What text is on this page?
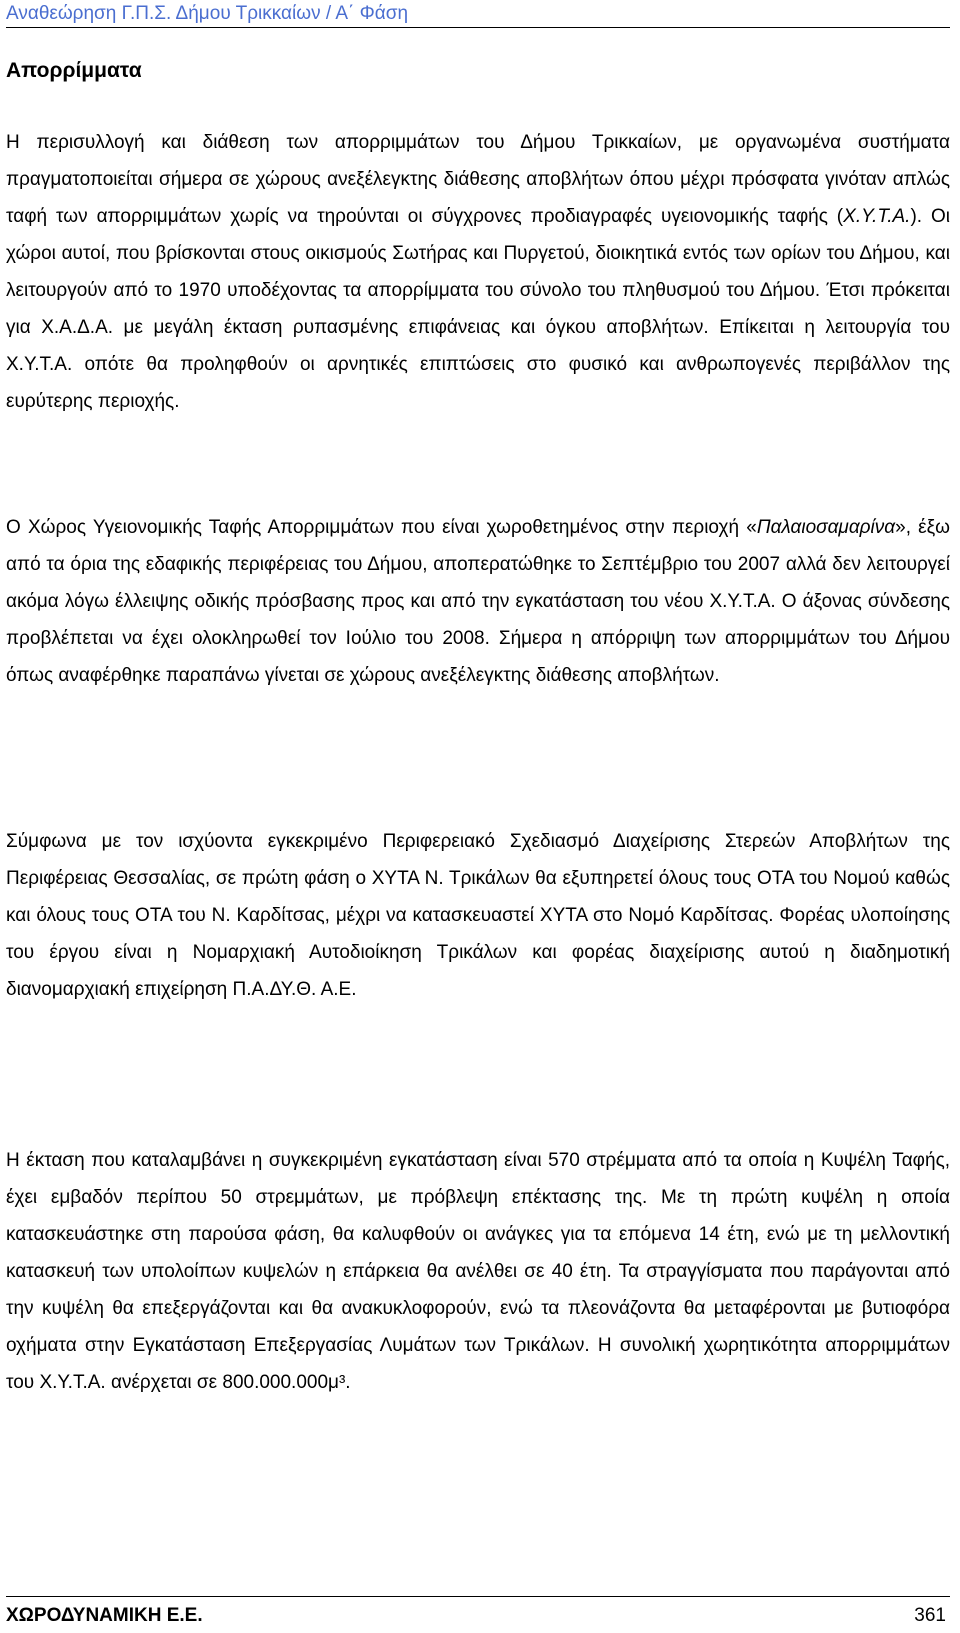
Αναθεώρηση Γ.Π.Σ. Δήμου Τρικκαίων / Α΄ Φάση
Απορρίμματα

Η περισυλλογή και διάθεση των απορριμμάτων του Δήμου Τρικκαίων, με οργανωμένα συστήματα πραγματοποιείται σήμερα σε χώρους ανεξέλεγκτης διάθεσης αποβλήτων όπου μέχρι πρόσφατα γινόταν απλώς ταφή των απορριμμάτων χωρίς να τηρούνται οι σύγχρονες προδιαγραφές υγειονομικής ταφής (Χ.Υ.Τ.Α.). Οι χώροι αυτοί, που βρίσκονται στους οικισμούς Σωτήρας και Πυργετού, διοικητικά εντός των ορίων του Δήμου, και λειτουργούν από το 1970 υποδέχοντας τα απορρίμματα του σύνολο του πληθυσμού του Δήμου. Έτσι πρόκειται για Χ.Α.Δ.Α. με μεγάλη έκταση ρυπασμένης επιφάνειας και όγκου αποβλήτων. Επίκειται η λειτουργία του Χ.Υ.Τ.Α. οπότε θα προληφθούν οι αρνητικές επιπτώσεις στο φυσικό και ανθρωπογενές περιβάλλον της ευρύτερης περιοχής.

Ο Χώρος Υγειονομικής Ταφής Απορριμμάτων που είναι χωροθετημένος στην περιοχή «Παλαιοσαμαρίνα», έξω από τα όρια της εδαφικής περιφέρειας του Δήμου, αποπερατώθηκε το Σεπτέμβριο του 2007 αλλά δεν λειτουργεί ακόμα λόγω έλλειψης οδικής πρόσβασης προς και από την εγκατάσταση του νέου Χ.Υ.Τ.Α. Ο άξονας σύνδεσης προβλέπεται να έχει ολοκληρωθεί τον Ιούλιο του 2008. Σήμερα η απόρριψη των απορριμμάτων του Δήμου όπως αναφέρθηκε παραπάνω γίνεται σε χώρους ανεξέλεγκτης διάθεσης αποβλήτων.

Σύμφωνα με τον ισχύοντα εγκεκριμένο Περιφερειακό Σχεδιασμό Διαχείρισης Στερεών Αποβλήτων της Περιφέρειας Θεσσαλίας, σε πρώτη φάση ο ΧΥΤΑ Ν. Τρικάλων θα εξυπηρετεί όλους τους ΟΤΑ του Νομού καθώς και όλους τους ΟΤΑ του Ν. Καρδίτσας, μέχρι να κατασκευαστεί ΧΥΤΑ στο Νομό Καρδίτσας. Φορέας υλοποίησης του έργου είναι η Νομαρχιακή Αυτοδιοίκηση Τρικάλων και φορέας διαχείρισης αυτού η διαδημοτική διανομαρχιακή επιχείρηση Π.Α.ΔΥ.Θ. Α.Ε.

Η έκταση που καταλαμβάνει η συγκεκριμένη εγκατάσταση είναι 570 στρέμματα από τα οποία η Κυψέλη Ταφής, έχει εμβαδόν περίπου 50 στρεμμάτων, με πρόβλεψη επέκτασης της. Με τη πρώτη κυψέλη η οποία κατασκευάστηκε στη παρούσα φάση, θα καλυφθούν οι ανάγκες για τα επόμενα 14 έτη, ενώ με τη μελλοντική κατασκευή των υπολοίπων κυψελών η επάρκεια θα ανέλθει σε 40 έτη. Τα στραγγίσματα που παράγονται από την κυψέλη θα επεξεργάζονται και θα ανακυκλοφορούν, ενώ τα πλεονάζοντα θα μεταφέρονται με βυτιοφόρα οχήματα στην Εγκατάσταση Επεξεργασίας Λυμάτων των Τρικάλων. Η συνολική χωρητικότητα απορριμμάτων του Χ.Υ.Τ.Α. ανέρχεται σε 800.000.000μ³.

ΧΩΡΟΔΥΝΑΜΙΚΗ Ε.Ε.	361
